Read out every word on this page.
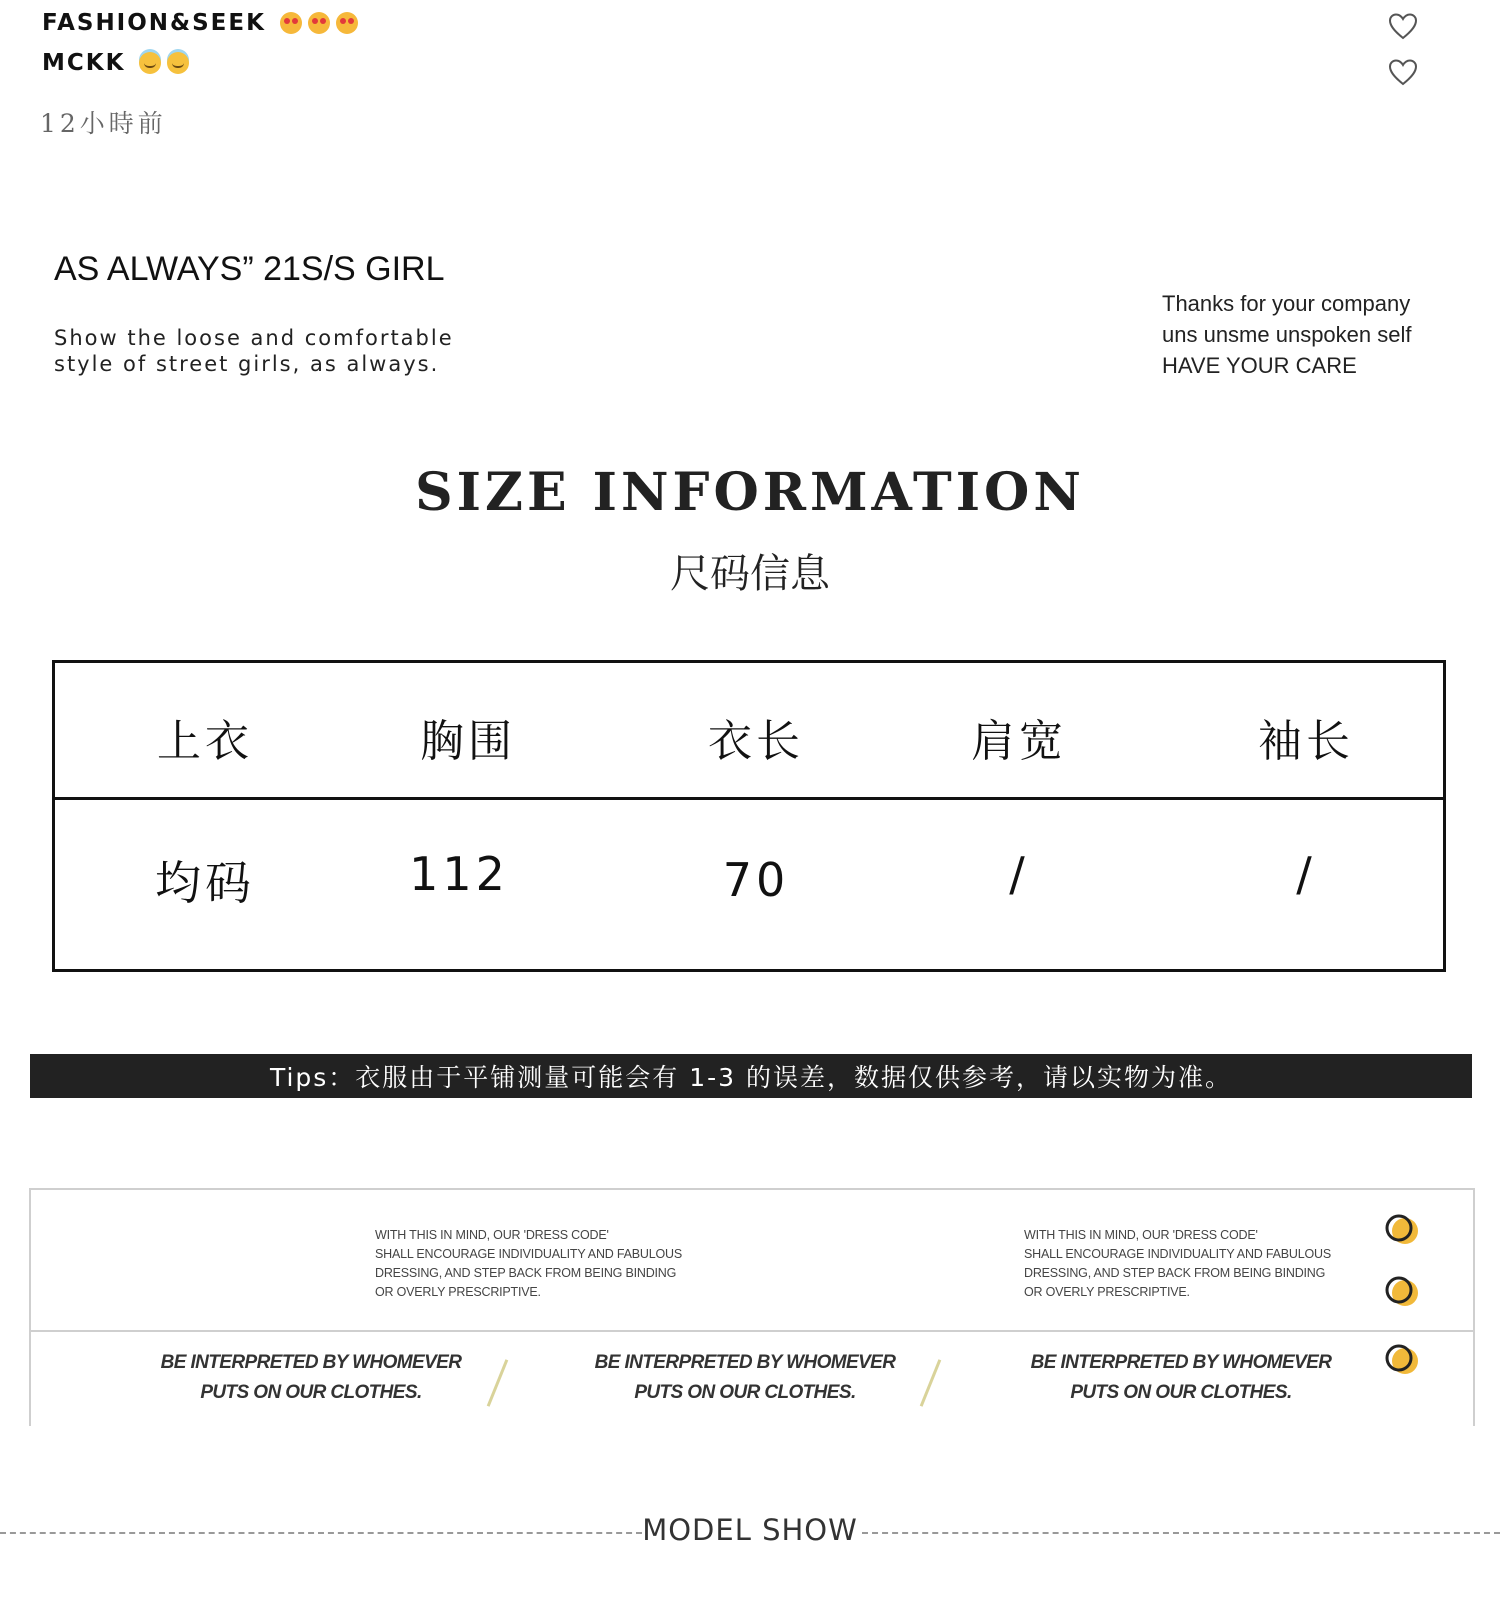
FASHION&SEEK
MCKK
12小時前
AS ALWAYS” 21S/S GIRL
Show the loose and comfortable
style of street girls, as always.
Thanks for your company
uns unsme unspoken self
HAVE YOUR CARE
SIZE INFORMATION
尺码信息
上衣	胸围	衣长	肩宽	袖长
均码	112	70	/	/
Tips：衣服由于平铺测量可能会有 1-3 的误差，数据仅供参考，请以实物为准。
WITH THIS IN MIND, OUR 'DRESS CODE'
SHALL ENCOURAGE INDIVIDUALITY AND FABULOUS
DRESSING, AND STEP BACK FROM BEING BINDING
OR OVERLY PRESCRIPTIVE.
WITH THIS IN MIND, OUR 'DRESS CODE'
SHALL ENCOURAGE INDIVIDUALITY AND FABULOUS
DRESSING, AND STEP BACK FROM BEING BINDING
OR OVERLY PRESCRIPTIVE.
BE INTERPRETED BY WHOMEVER
PUTS ON OUR CLOTHES.
BE INTERPRETED BY WHOMEVER
PUTS ON OUR CLOTHES.
BE INTERPRETED BY WHOMEVER
PUTS ON OUR CLOTHES.
MODEL SHOW
